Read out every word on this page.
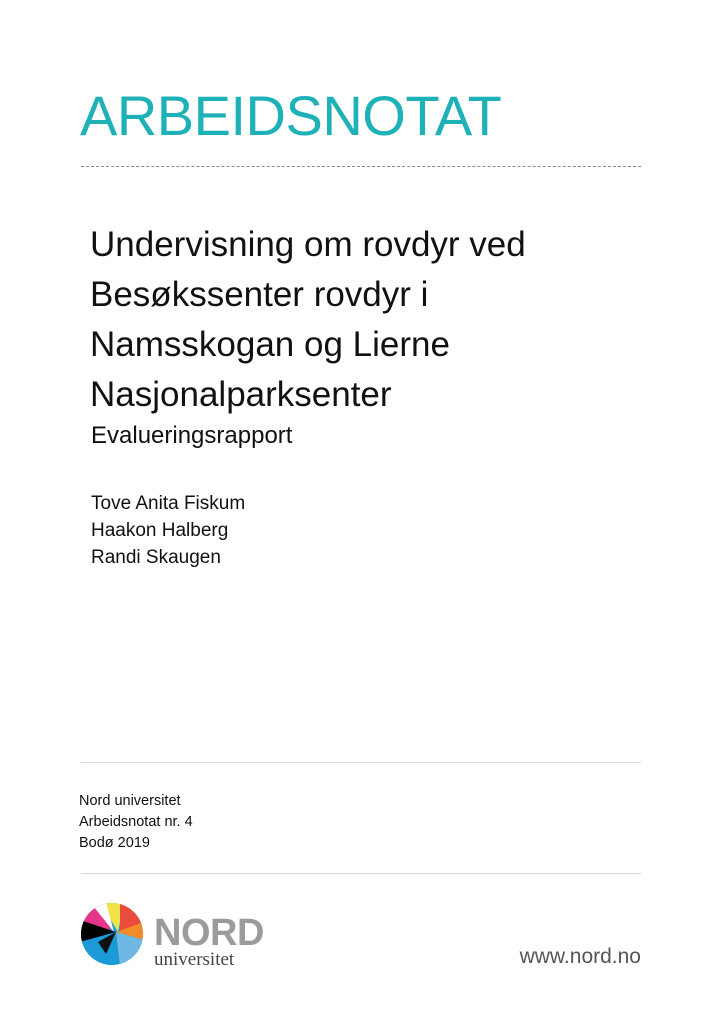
ARBEIDSNOTAT
Undervisning om rovdyr ved
Besøkssenter rovdyr i
Namsskogan og Lierne
Nasjonalparksenter
Evalueringsrapport
Tove Anita Fiskum
Haakon Halberg
Randi Skaugen
Nord universitet
Arbeidsnotat nr. 4
Bodø 2019
NORD
universitet	www.nord.no
